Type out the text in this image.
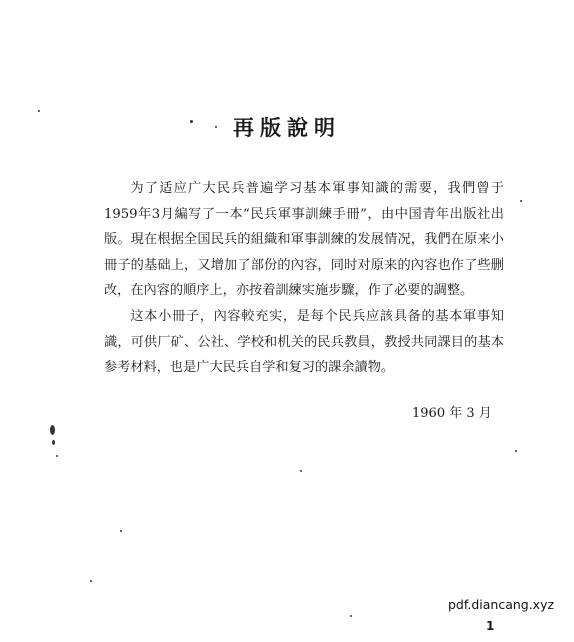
再版說明

为了适应广大民兵普遍学习基本軍事知識的需要，我們曾于1959年3月編写了一本“民兵軍事訓練手冊”，由中国青年出版社出版。現在根据全国民兵的組織和軍事訓練的发展情况，我們在原来小冊子的基础上，又增加了部份的內容，同时对原来的內容也作了些删改，在內容的順序上，亦按着訓練实施步驟，作了必要的調整。

这本小冊子，內容較充实，是每个民兵应該具备的基本軍事知識，可供厂矿、公社、学校和机关的民兵教員，教授共同課目的基本参考材料，也是广大民兵自学和复习的課余讀物。

1960 年 3 月
pdf.diancang.xyz
1
